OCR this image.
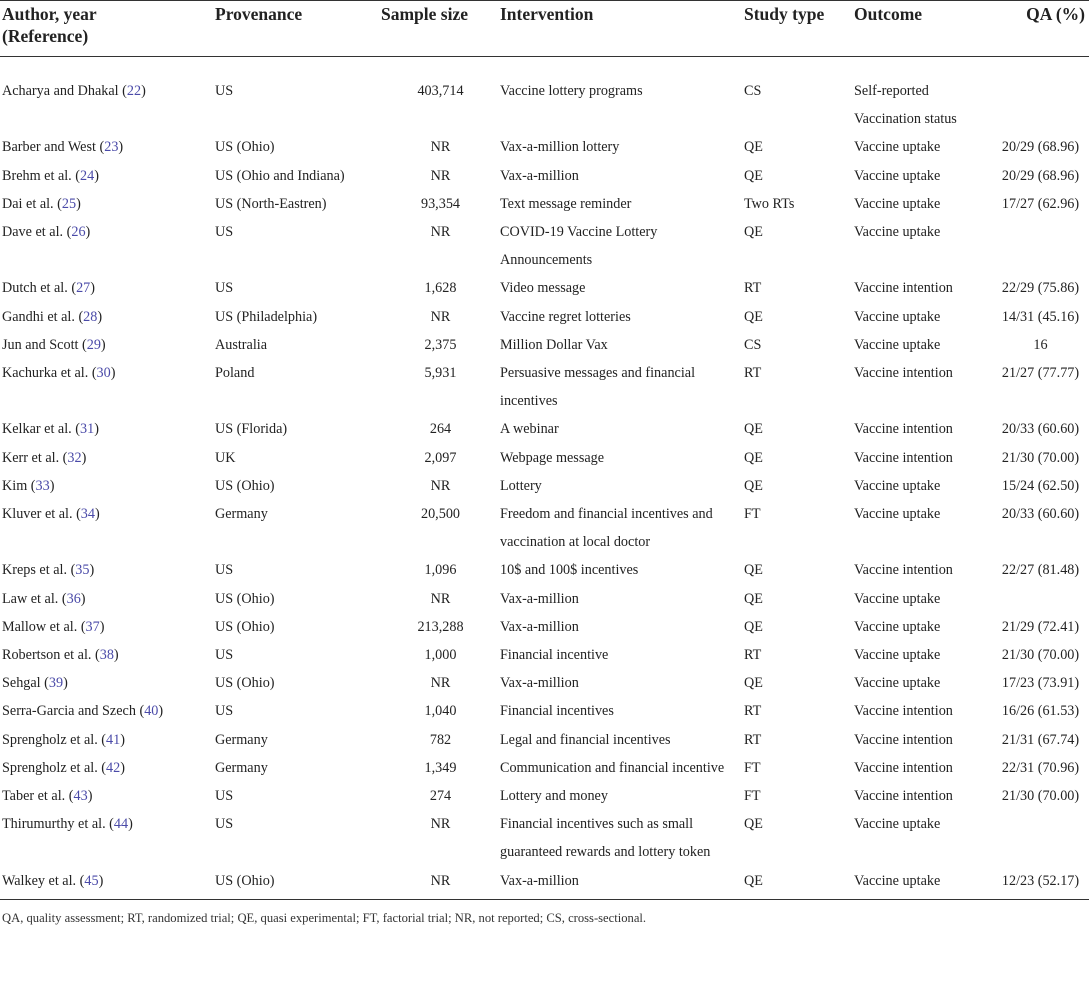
Author, year
(Reference)	Provenance	Sample size	Intervention	Study type	Outcome	QA (%)
Acharya and Dhakal (22)	US	403,714	Vaccine lottery programs	CS	Self-reported Vaccination status	
Barber and West (23)	US (Ohio)	NR	Vax-a-million lottery	QE	Vaccine uptake	20/29 (68.96)
Brehm et al. (24)	US (Ohio and Indiana)	NR	Vax-a-million	QE	Vaccine uptake	20/29 (68.96)
Dai et al. (25)	US (North-Eastren)	93,354	Text message reminder	Two RTs	Vaccine uptake	17/27 (62.96)
Dave et al. (26)	US	NR	COVID-19 Vaccine Lottery Announcements	QE	Vaccine uptake	
Dutch et al. (27)	US	1,628	Video message	RT	Vaccine intention	22/29 (75.86)
Gandhi et al. (28)	US (Philadelphia)	NR	Vaccine regret lotteries	QE	Vaccine uptake	14/31 (45.16)
Jun and Scott (29)	Australia	2,375	Million Dollar Vax	CS	Vaccine uptake	16
Kachurka et al. (30)	Poland	5,931	Persuasive messages and financial incentives	RT	Vaccine intention	21/27 (77.77)
Kelkar et al. (31)	US (Florida)	264	A webinar	QE	Vaccine intention	20/33 (60.60)
Kerr et al. (32)	UK	2,097	Webpage message	QE	Vaccine intention	21/30 (70.00)
Kim (33)	US (Ohio)	NR	Lottery	QE	Vaccine uptake	15/24 (62.50)
Kluver et al. (34)	Germany	20,500	Freedom and financial incentives and vaccination at local doctor	FT	Vaccine uptake	20/33 (60.60)
Kreps et al. (35)	US	1,096	10$ and 100$ incentives	QE	Vaccine intention	22/27 (81.48)
Law et al. (36)	US (Ohio)	NR	Vax-a-million	QE	Vaccine uptake	
Mallow et al. (37)	US (Ohio)	213,288	Vax-a-million	QE	Vaccine uptake	21/29 (72.41)
Robertson et al. (38)	US	1,000	Financial incentive	RT	Vaccine uptake	21/30 (70.00)
Sehgal (39)	US (Ohio)	NR	Vax-a-million	QE	Vaccine uptake	17/23 (73.91)
Serra-Garcia and Szech (40)	US	1,040	Financial incentives	RT	Vaccine intention	16/26 (61.53)
Sprengholz et al. (41)	Germany	782	Legal and financial incentives	RT	Vaccine intention	21/31 (67.74)
Sprengholz et al. (42)	Germany	1,349	Communication and financial incentive	FT	Vaccine intention	22/31 (70.96)
Taber et al. (43)	US	274	Lottery and money	FT	Vaccine intention	21/30 (70.00)
Thirumurthy et al. (44)	US	NR	Financial incentives such as small guaranteed rewards and lottery token	QE	Vaccine uptake	
Walkey et al. (45)	US (Ohio)	NR	Vax-a-million	QE	Vaccine uptake	12/23 (52.17)
QA, quality assessment; RT, randomized trial; QE, quasi experimental; FT, factorial trial; NR, not reported; CS, cross-sectional.
